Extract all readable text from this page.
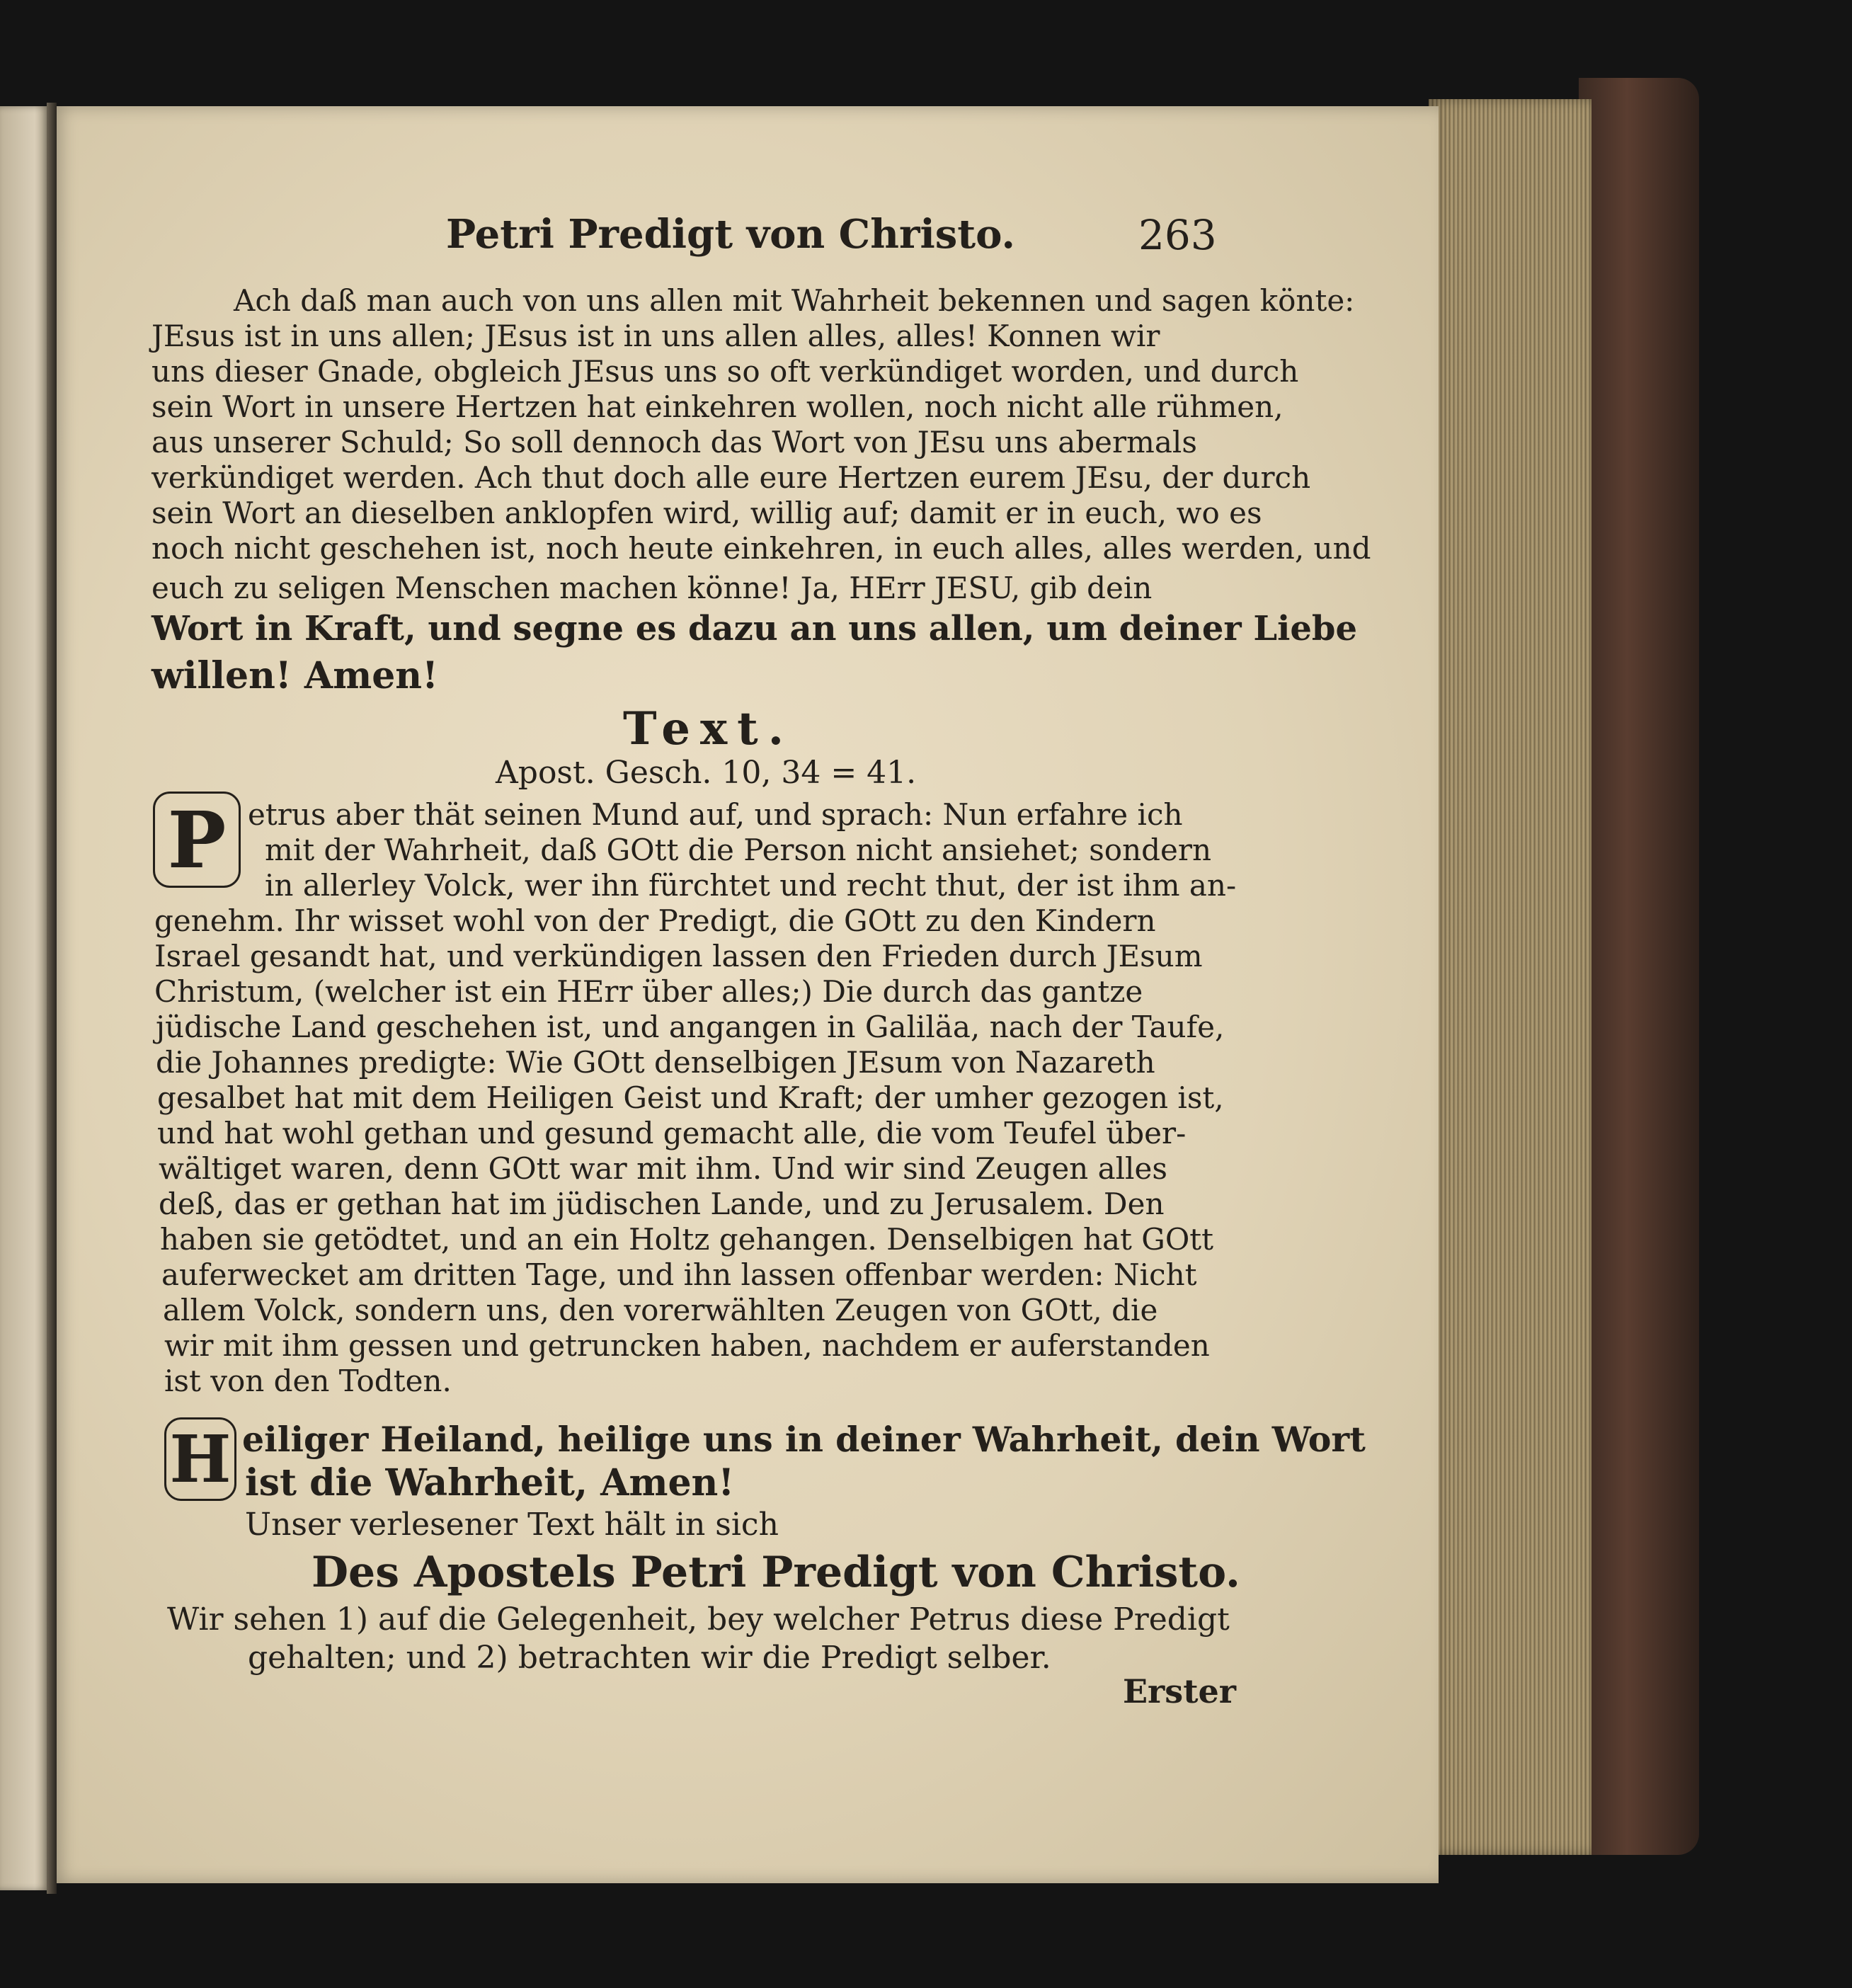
Petri Predigt von Christo.	263
Ach daß man auch von uns allen mit Wahrheit bekennen und sagen könte:
JEsus ist in uns allen; JEsus ist in uns allen alles, alles! Konnen wir
uns dieser Gnade, obgleich JEsus uns so oft verkündiget worden, und durch
sein Wort in unsere Hertzen hat einkehren wollen, noch nicht alle rühmen,
aus unserer Schuld; So soll dennoch das Wort von JEsu uns abermals
verkündiget werden. Ach thut doch alle eure Hertzen eurem JEsu, der durch
sein Wort an dieselben anklopfen wird, willig auf; damit er in euch, wo es
noch nicht geschehen ist, noch heute einkehren, in euch alles, alles werden, und
euch zu seligen Menschen machen könne! Ja, HErr JESU, gib dein
Wort in Kraft, und segne es dazu an uns allen, um deiner Liebe
willen! Amen!
Text.
Apost. Gesch. 10, 34 = 41.
P etrus aber thät seinen Mund auf, und sprach: Nun erfahre ich
mit der Wahrheit, daß GOtt die Person nicht ansiehet; sondern
in allerley Volck, wer ihn fürchtet und recht thut, der ist ihm an-
genehm. Ihr wisset wohl von der Predigt, die GOtt zu den Kindern
Israel gesandt hat, und verkündigen lassen den Frieden durch JEsum
Christum, (welcher ist ein HErr über alles;) Die durch das gantze
jüdische Land geschehen ist, und angangen in Galiläa, nach der Taufe,
die Johannes predigte: Wie GOtt denselbigen JEsum von Nazareth
gesalbet hat mit dem Heiligen Geist und Kraft; der umher gezogen ist,
und hat wohl gethan und gesund gemacht alle, die vom Teufel über-
wältiget waren, denn GOtt war mit ihm. Und wir sind Zeugen alles
deß, das er gethan hat im jüdischen Lande, und zu Jerusalem. Den
haben sie getödtet, und an ein Holtz gehangen. Denselbigen hat GOtt
auferwecket am dritten Tage, und ihn lassen offenbar werden: Nicht
allem Volck, sondern uns, den vorerwählten Zeugen von GOtt, die
wir mit ihm gessen und getruncken haben, nachdem er auferstanden
ist von den Todten.
H eiliger Heiland, heilige uns in deiner Wahrheit, dein Wort
ist die Wahrheit, Amen!
Unser verlesener Text hält in sich
Des Apostels Petri Predigt von Christo.
Wir sehen 1) auf die Gelegenheit, bey welcher Petrus diese Predigt
gehalten; und 2) betrachten wir die Predigt selber.
Erster
